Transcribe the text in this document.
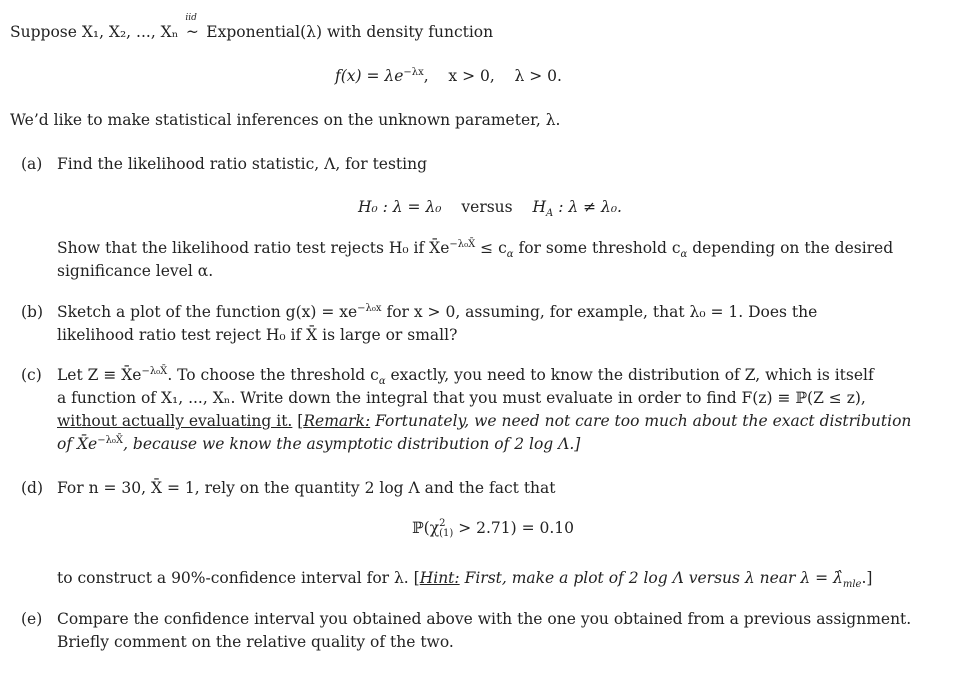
Suppose X₁, X₂, ..., Xₙ
iid
~ Exponential(λ) with density function
$f(x) = \lambda e^{-\lambda x}$,    x > 0,    λ > 0.
We’d like to make statistical inferences on the unknown parameter, λ.
(a) Find the likelihood ratio statistic, Λ, for testing
H₀ : λ = λ₀ versus $H_A$ : λ ≠ λ₀.
Show that the likelihood ratio test rejects H₀ if $X̄e^{-\lambda_0X̄} \le c_\alpha$ for some threshold $c_\alpha$ depending on the desired
significance level α.
(b) Sketch a plot of the function $g(x) = xe^{-\lambda_0x}$ for x > 0, assuming, for example, that λ₀ = 1. Does the
likelihood ratio test reject H₀ if X̄ is large or small?
(c) Let $Z \equiv X̄e^{-\lambda_0X̄}$. To choose the threshold $c_\alpha$ exactly, you need to know the distribution of Z, which is itself
a function of X₁, ..., Xₙ. Write down the integral that you must evaluate in order to find F(z) ≡ ℙ(Z ≤ z),
without actually evaluating it. [Remark: Fortunately, we need not care too much about the exact distribution
of $X̄e^{-\lambda_0X̄}$, because we know the asymptotic distribution of 2 log Λ.]
(d) For n = 30, X̄ = 1, rely on the quantity 2 log Λ and the fact that
ℙ(χ 2
(1) > 2.71) = 0.10
to construct a 90%-confidence interval for λ. [Hint: First, make a plot of 2 log Λ versus λ near $\lambda = \lambdâ_{mle}$.]
(e) Compare the confidence interval you obtained above with the one you obtained from a previous assignment.
Briefly comment on the relative quality of the two.
